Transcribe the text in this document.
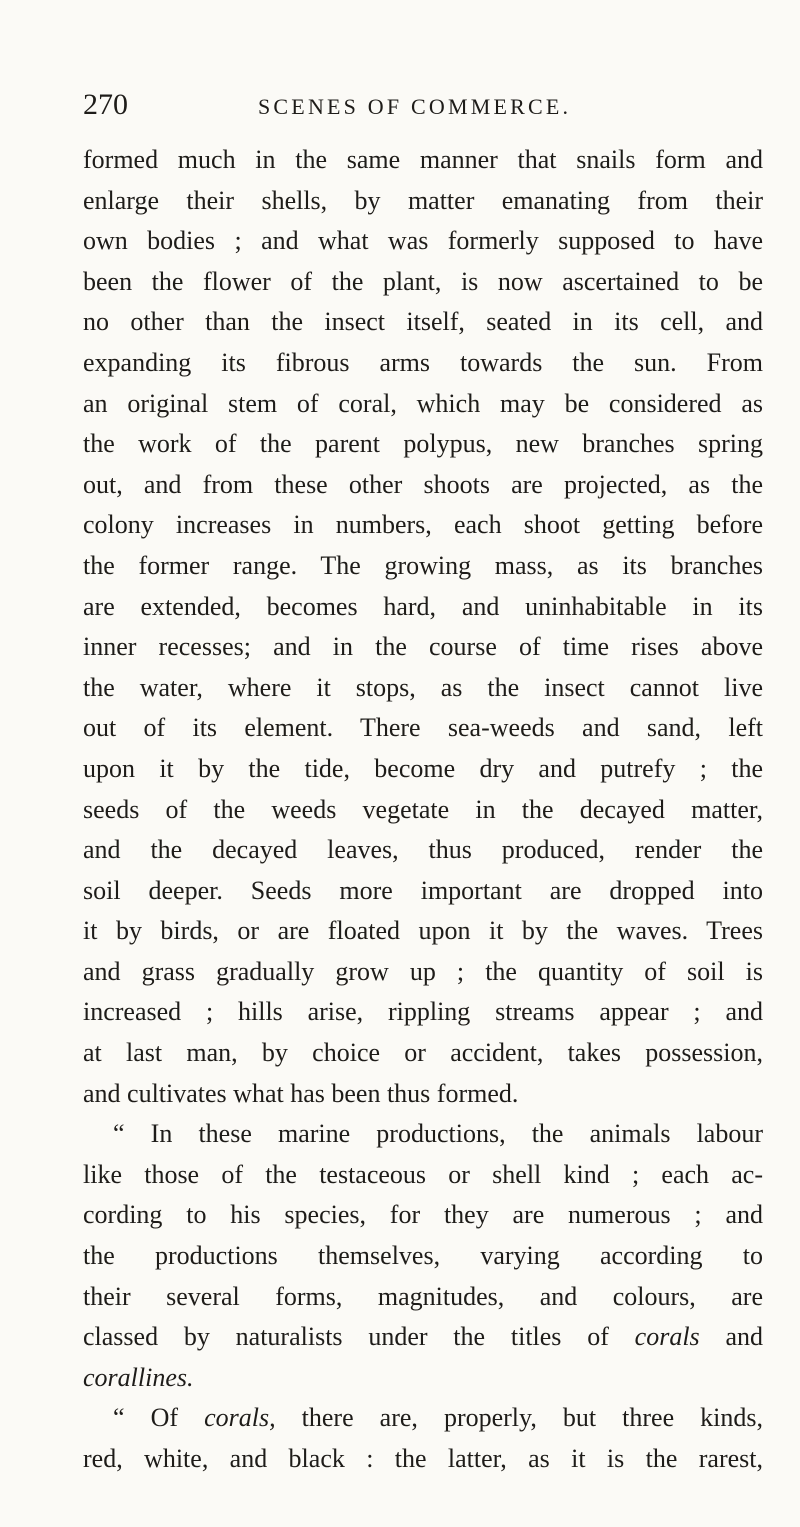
270	SCENES OF COMMERCE.
formed much in the same manner that snails form and
enlarge their shells, by matter emanating from their
own bodies ; and what was formerly supposed to have
been the flower of the plant, is now ascertained to be
no other than the insect itself, seated in its cell, and
expanding its fibrous arms towards the sun. From
an original stem of coral, which may be considered as
the work of the parent polypus, new branches spring
out, and from these other shoots are projected, as the
colony increases in numbers, each shoot getting before
the former range. The growing mass, as its branches
are extended, becomes hard, and uninhabitable in its
inner recesses; and in the course of time rises above
the water, where it stops, as the insect cannot live
out of its element. There sea-weeds and sand, left
upon it by the tide, become dry and putrefy ; the
seeds of the weeds vegetate in the decayed matter,
and the decayed leaves, thus produced, render the
soil deeper. Seeds more important are dropped into
it by birds, or are floated upon it by the waves. Trees
and grass gradually grow up ; the quantity of soil is
increased ; hills arise, rippling streams appear ; and
at last man, by choice or accident, takes possession,
and cultivates what has been thus formed.
“ In these marine productions, the animals labour
like those of the testaceous or shell kind ; each ac-
cording to his species, for they are numerous ; and
the productions themselves, varying according to
their several forms, magnitudes, and colours, are
classed by naturalists under the titles of corals and
corallines.
“ Of corals, there are, properly, but three kinds,
red, white, and black : the latter, as it is the rarest,
